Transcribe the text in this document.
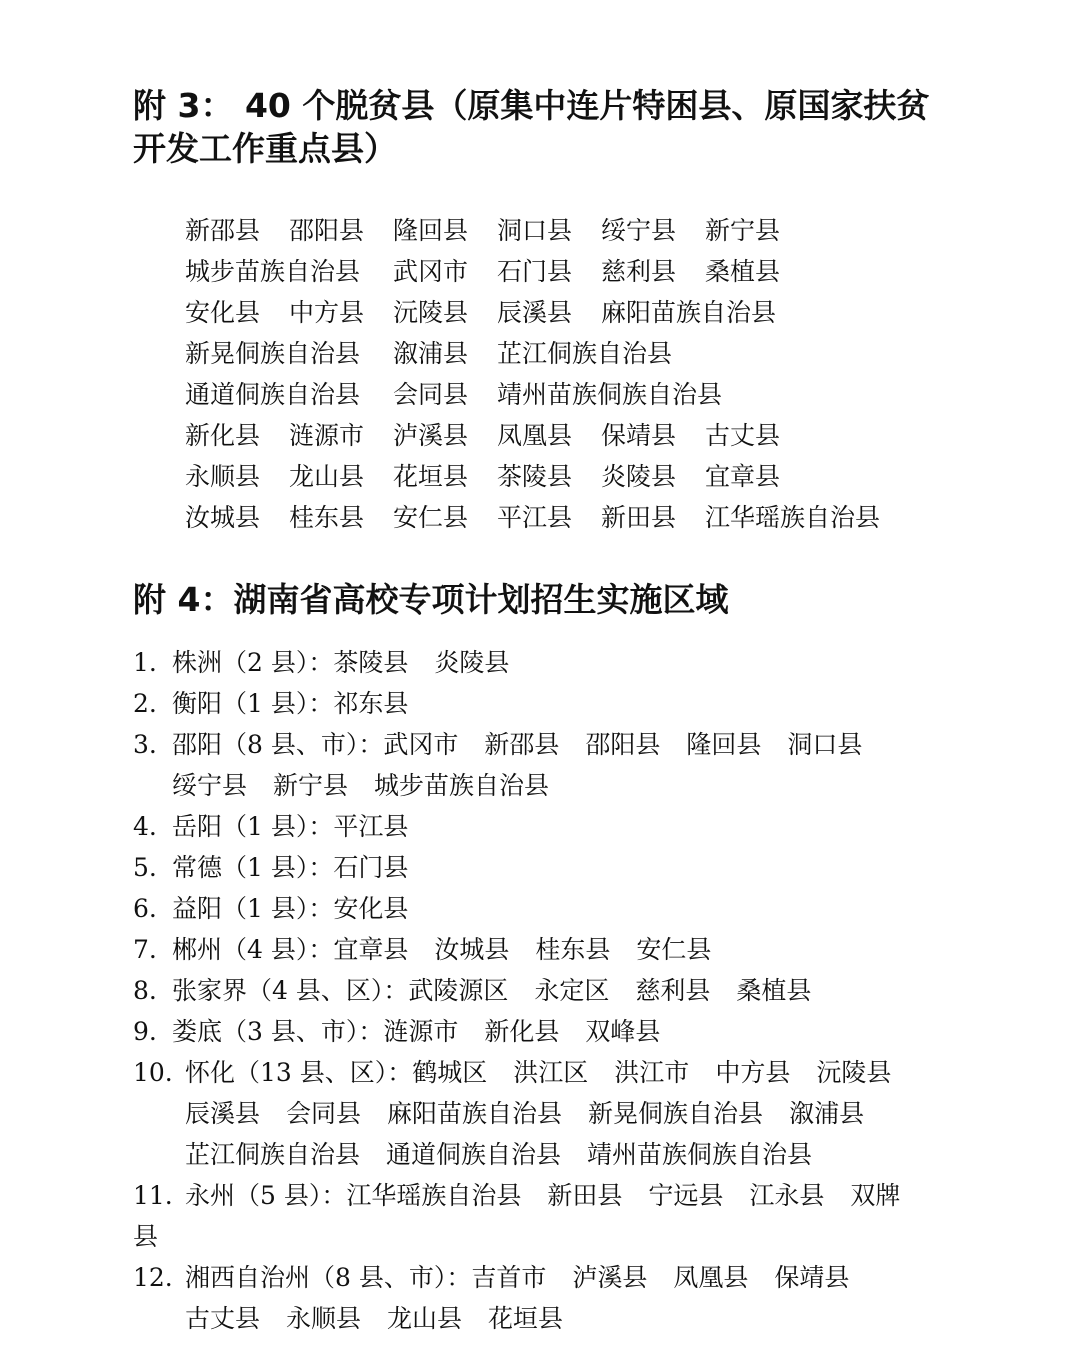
附 3： 40 个脱贫县（原集中连片特困县、原国家扶贫
开发工作重点县）
新邵县	邵阳县	隆回县	洞口县	绥宁县	新宁县
城步苗族自治县	武冈市	石门县	慈利县	桑植县
安化县	中方县	沅陵县	辰溪县	麻阳苗族自治县
新晃侗族自治县	溆浦县	芷江侗族自治县
通道侗族自治县	会同县	靖州苗族侗族自治县
新化县	涟源市	泸溪县	凤凰县	保靖县	古丈县
永顺县	龙山县	花垣县	茶陵县	炎陵县	宜章县
汝城县	桂东县	安仁县	平江县	新田县	江华瑶族自治县
附 4：湖南省高校专项计划招生实施区域
1. 株洲（2 县）： 茶陵县 炎陵县
2. 衡阳（1 县）： 祁东县
3. 邵阳（8 县、市）： 武冈市 新邵县 邵阳县 隆回县 洞口县
绥宁县 新宁县 城步苗族自治县
4. 岳阳（1 县）： 平江县
5. 常德（1 县）： 石门县
6. 益阳（1 县）： 安化县
7. 郴州（4 县）： 宜章县 汝城县 桂东县 安仁县
8. 张家界（4 县、区）： 武陵源区 永定区 慈利县 桑植县
9. 娄底（3 县、市）： 涟源市 新化县 双峰县
10. 怀化（13 县、区）： 鹤城区 洪江区 洪江市 中方县 沅陵县
辰溪县 会同县 麻阳苗族自治县 新晃侗族自治县 溆浦县
芷江侗族自治县 通道侗族自治县 靖州苗族侗族自治县
11. 永州（5 县）： 江华瑶族自治县 新田县 宁远县 江永县 双牌
县
12. 湘西自治州（8 县、市）： 吉首市 泸溪县 凤凰县 保靖县
古丈县 永顺县 龙山县 花垣县
